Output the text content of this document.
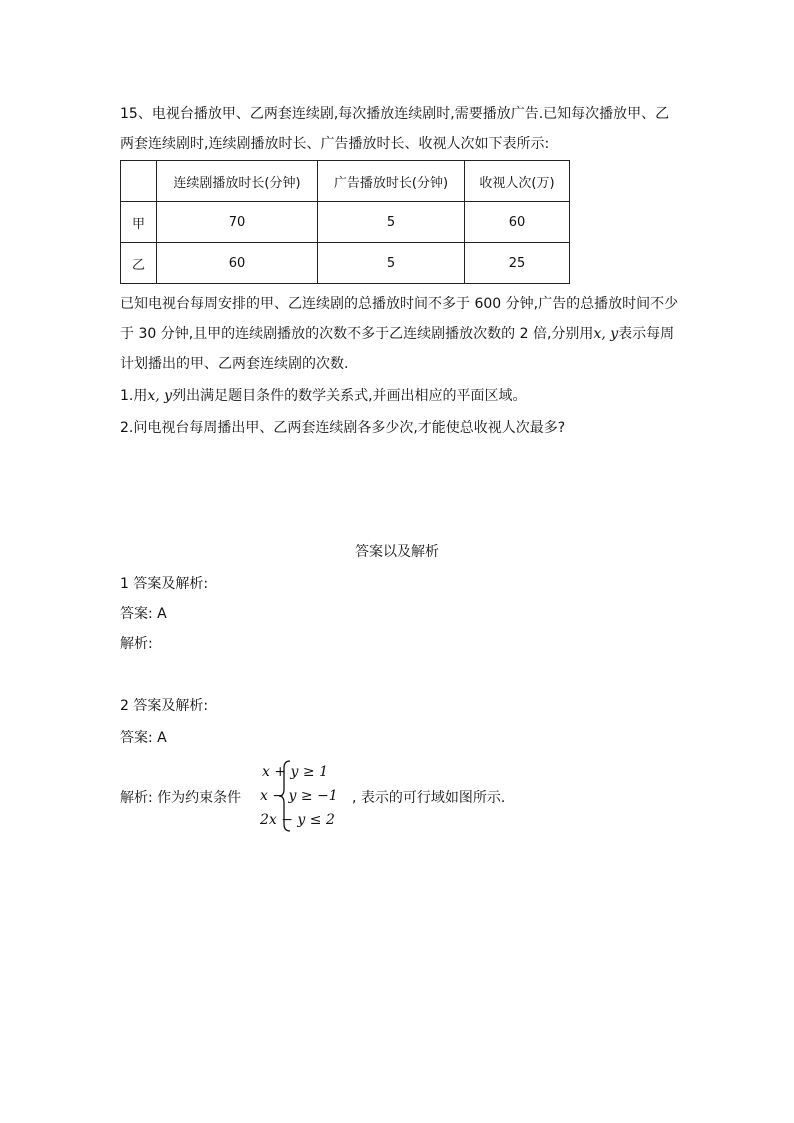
15、电视台播放甲、乙两套连续剧,每次播放连续剧时,需要播放广告.已知每次播放甲、乙
两套连续剧时,连续剧播放时长、广告播放时长、收视人次如下表所示:
	连续剧播放时长(分钟)	广告播放时长(分钟)	收视人次(万)
甲	70	5	60
乙	60	5	25
已知电视台每周安排的甲、乙连续剧的总播放时间不多于 600 分钟,广告的总播放时间不少
于 30 分钟,且甲的连续剧播放的次数不多于乙连续剧播放次数的 2 倍,分别用x, y表示每周
计划播出的甲、乙两套连续剧的次数.
1.用x, y列出满足题目条件的数学关系式,并画出相应的平面区域。
2.问电视台每周播出甲、乙两套连续剧各多少次,才能使总收视人次最多?
答案以及解析
1 答案及解析:
答案: A
解析:
2 答案及解析:
答案: A
解析: 作为约束条件
x + y ≥ 1
x − y ≥ −1
2x − y ≤ 2
, 表示的可行域如图所示.
